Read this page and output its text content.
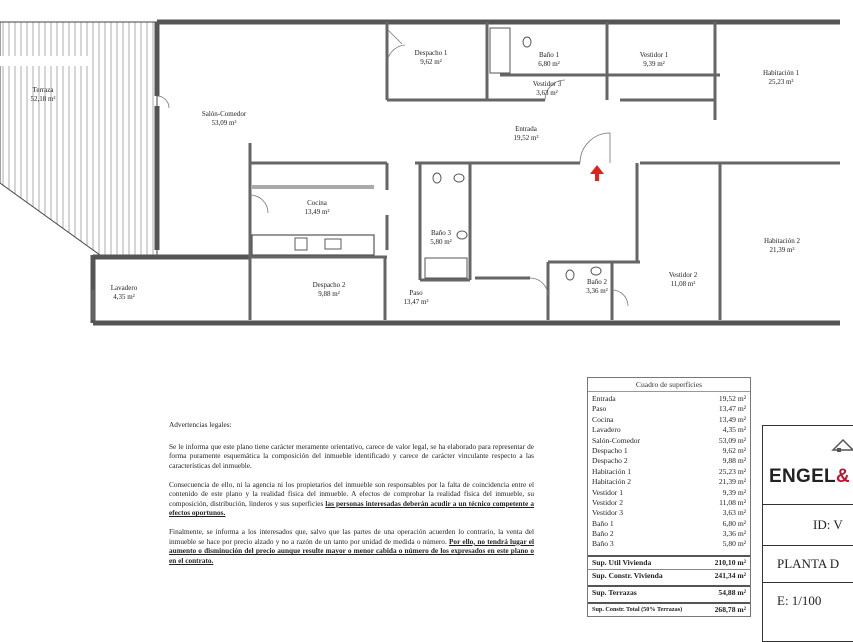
Terraza 52,18 m²
Salón-Comedor 53,09 m²
Despacho 1 9,62 m²
Baño 1 6,80 m²
Vestidor 3 3,63 m²
Vestidor 1 9,39 m²
Habitación 1 25,23 m²
Entrada 19,52 m²
Cocina 13,49 m²
Baño 3 5,80 m²	Habitación 2 21,39 m²
Lavadero 4,35 m²
Despacho 2 9,88 m²	Paso 13,47 m²
Baño 2 3,36 m²
Vestidor 2 11,08 m²
Advertencias legales:

Se le informa que este plano tiene carácter meramente orientativo, carece de valor legal, se ha elaborado para representar de forma puramente esquemática la composición del inmueble identificado y carece de carácter vinculante respecto a las características del inmueble.

Consecuencia de ello, ni la agencia ni los propietarios del inmueble son responsables por la falta de coincidencia entre el contenido de este plano y la realidad física del inmueble. A efectos de comprobar la realidad física del inmueble, su composición, distribución, linderos y sus superficies las personas interesadas deberán acudir a un técnico competente a efectos oportunos.

Finalmente, se informa a los interesados que, salvo que las partes de una operación acuerden lo contrario, la venta del inmueble se hace por precio alzado y no a razón de un tanto por unidad de medida o número. Por ello, no tendrá lugar el aumento o disminución del precio aunque resulte mayor o menor cabida o número de los expresados en este plano o en el contrato.

Cuadro de superfícies
Entrada	19,52 m²
Paso	13,47 m²
Cocina	13,49 m²
Lavadero	4,35 m²
Salón-Comedor	53,09 m²
Despacho 1	9,62 m²
Despacho 2	9,88 m²
Habitación 1	25,23 m²
Habitación 2	21,39 m²
Vestidor 1	9,39 m²
Vestidor 2	11,08 m²
Vestidor 3	3,63 m²
Baño 1	6,80 m²
Baño 2	3,36 m²
Baño 3	5,80 m²
Sup. Util Vivienda	210,10 m²
Sup. Constr. Vivienda	241,34 m²
Sup. Terrazas	54,88 m²
Sup. Constr. Total (50% Terrazas)	268,78 m²
ENGEL&
ID: V
PLANTA D
E: 1/100
